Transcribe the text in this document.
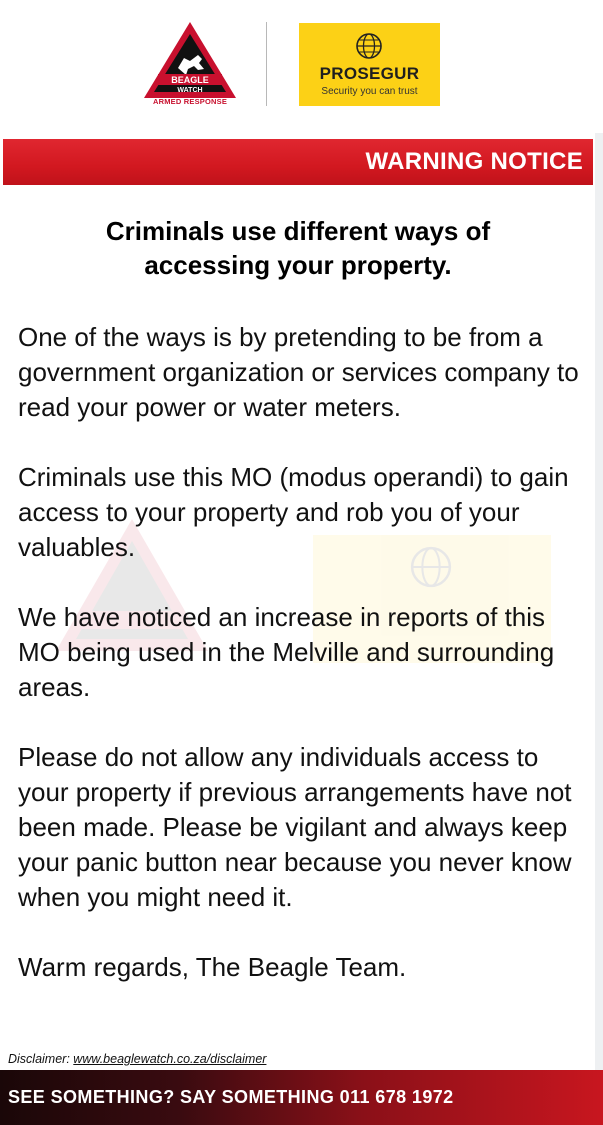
BEAGLE
WATCH
ARMED RESPONSE
PROSEGUR
Security you can trust
WARNING NOTICE
Criminals use different ways of
accessing your property.

One of the ways is by pretending to be from a government organization or services company to read your power or water meters.

Criminals use this MO (modus operandi) to gain access to your property and rob you of your valuables.

We have noticed an increase in reports of this MO being used in the Melville and surrounding areas.

Please do not allow any individuals access to your property if previous arrangements have not been made. Please be vigilant and always keep your panic button near because you never know when you might need it.

Warm regards, The Beagle Team.

Disclaimer: www.beaglewatch.co.za/disclaimer
SEE SOMETHING? SAY SOMETHING 011 678 1972
